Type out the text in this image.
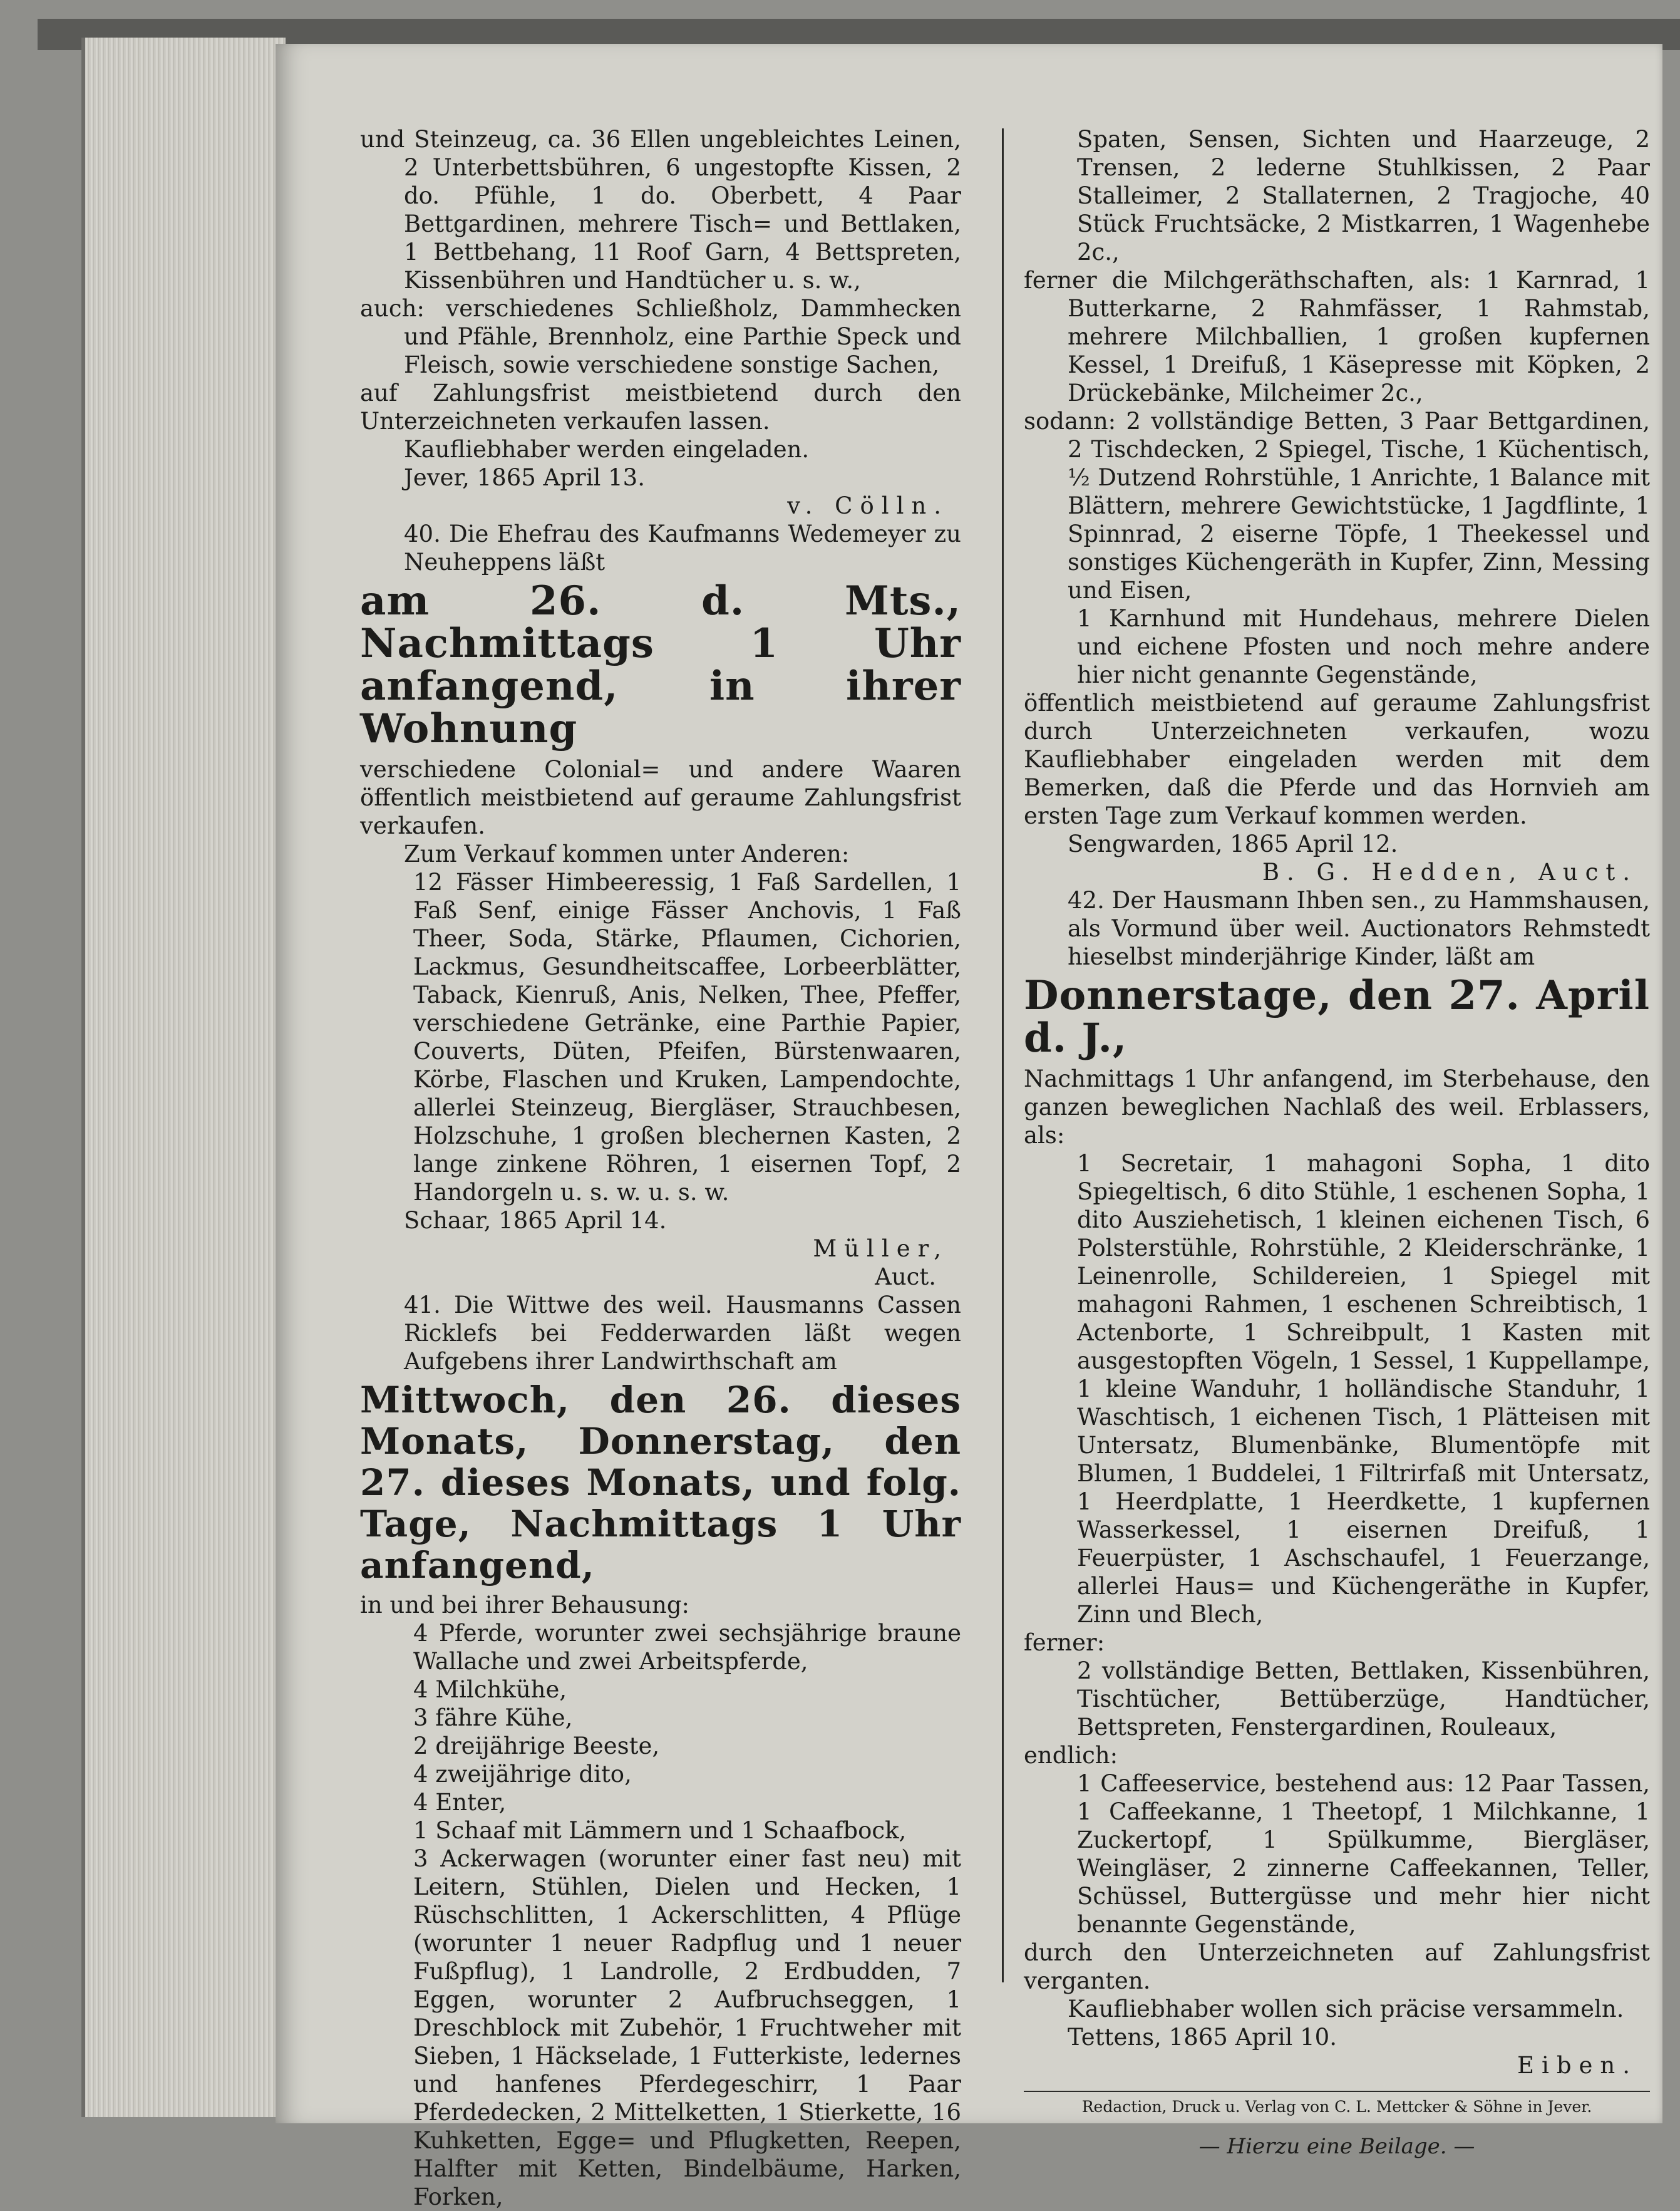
und Steinzeug, ca. 36 Ellen ungebleichtes Leinen, 2 Unterbettsbühren, 6 ungestopfte Kissen, 2 do. Pfühle, 1 do. Oberbett, 4 Paar Bettgardinen, mehrere Tisch= und Bettlaken, 1 Bettbehang, 11 Roof Garn, 4 Bettspreten, Kissenbühren und Handtücher u. s. w.,

auch: verschiedenes Schließholz, Dammhecken und Pfähle, Brennholz, eine Parthie Speck und Fleisch, sowie verschiedene sonstige Sachen,

auf Zahlungsfrist meistbietend durch den Unterzeichneten verkaufen lassen.

Kaufliebhaber werden eingeladen.

Jever, 1865 April 13.

v. Cölln.

40. Die Ehefrau des Kaufmanns Wedemeyer zu Neuheppens läßt

am 26. d. Mts., Nachmittags 1 Uhr anfangend, in ihrer Wohnung

verschiedene Colonial= und andere Waaren öffentlich meistbietend auf geraume Zahlungsfrist verkaufen.

Zum Verkauf kommen unter Anderen:

12 Fässer Himbeeressig, 1 Faß Sardellen, 1 Faß Senf, einige Fässer Anchovis, 1 Faß Theer, Soda, Stärke, Pflaumen, Cichorien, Lackmus, Gesundheitscaffee, Lorbeerblätter, Taback, Kienruß, Anis, Nelken, Thee, Pfeffer, verschiedene Getränke, eine Parthie Papier, Couverts, Düten, Pfeifen, Bürstenwaaren, Körbe, Flaschen und Kruken, Lampendochte, allerlei Steinzeug, Biergläser, Strauchbesen, Holzschuhe, 1 großen blechernen Kasten, 2 lange zinkene Röhren, 1 eisernen Topf, 2 Handorgeln u. s. w. u. s. w.

Schaar, 1865 April 14.

Müller,

Auct.

41. Die Wittwe des weil. Hausmanns Cassen Ricklefs bei Fedderwarden läßt wegen Aufgebens ihrer Landwirthschaft am

Mittwoch, den 26. dieses Monats, Donnerstag, den 27. dieses Monats, und folg. Tage, Nachmittags 1 Uhr anfangend,

in und bei ihrer Behausung:

4 Pferde, worunter zwei sechsjährige braune Wallache und zwei Arbeitspferde,

4 Milchkühe,

3 fähre Kühe,

2 dreijährige Beeste,

4 zweijährige dito,

4 Enter,

1 Schaaf mit Lämmern und 1 Schaafbock,

3 Ackerwagen (worunter einer fast neu) mit Leitern, Stühlen, Dielen und Hecken, 1 Rüschschlitten, 1 Ackerschlitten, 4 Pflüge (worunter 1 neuer Radpflug und 1 neuer Fußpflug), 1 Landrolle, 2 Erdbudden, 7 Eggen, worunter 2 Aufbruchseggen, 1 Dreschblock mit Zubehör, 1 Fruchtweher mit Sieben, 1 Häckselade, 1 Futterkiste, ledernes und hanfenes Pferdegeschirr, 1 Paar Pferdedecken, 2 Mittelketten, 1 Stierkette, 16 Kuhketten, Egge= und Pflugketten, Reepen, Halfter mit Ketten, Bindelbäume, Harken, Forken,

Spaten, Sensen, Sichten und Haarzeuge, 2 Trensen, 2 lederne Stuhlkissen, 2 Paar Stalleimer, 2 Stallaternen, 2 Tragjoche, 40 Stück Fruchtsäcke, 2 Mistkarren, 1 Wagenhebe 2c.,

ferner die Milchgeräthschaften, als: 1 Karnrad, 1 Butterkarne, 2 Rahmfässer, 1 Rahmstab, mehrere Milchballien, 1 großen kupfernen Kessel, 1 Dreifuß, 1 Käsepresse mit Köpken, 2 Drückebänke, Milcheimer 2c.,

sodann: 2 vollständige Betten, 3 Paar Bettgardinen, 2 Tischdecken, 2 Spiegel, Tische, 1 Küchentisch, ½ Dutzend Rohrstühle, 1 Anrichte, 1 Balance mit Blättern, mehrere Gewichtstücke, 1 Jagdflinte, 1 Spinnrad, 2 eiserne Töpfe, 1 Theekessel und sonstiges Küchengeräth in Kupfer, Zinn, Messing und Eisen,

1 Karnhund mit Hundehaus, mehrere Dielen und eichene Pfosten und noch mehre andere hier nicht genannte Gegenstände,

öffentlich meistbietend auf geraume Zahlungsfrist durch Unterzeichneten verkaufen, wozu Kaufliebhaber eingeladen werden mit dem Bemerken, daß die Pferde und das Hornvieh am ersten Tage zum Verkauf kommen werden.

Sengwarden, 1865 April 12.

B. G. Hedden, Auct.

42. Der Hausmann Ihben sen., zu Hammshausen, als Vormund über weil. Auctionators Rehmstedt hieselbst minderjährige Kinder, läßt am

Donnerstage, den 27. April d. J.,

Nachmittags 1 Uhr anfangend, im Sterbehause, den ganzen beweglichen Nachlaß des weil. Erblassers, als:

1 Secretair, 1 mahagoni Sopha, 1 dito Spiegeltisch, 6 dito Stühle, 1 eschenen Sopha, 1 dito Ausziehetisch, 1 kleinen eichenen Tisch, 6 Polsterstühle, Rohrstühle, 2 Kleiderschränke, 1 Leinenrolle, Schildereien, 1 Spiegel mit mahagoni Rahmen, 1 eschenen Schreibtisch, 1 Actenborte, 1 Schreibpult, 1 Kasten mit ausgestopften Vögeln, 1 Sessel, 1 Kuppellampe, 1 kleine Wanduhr, 1 holländische Standuhr, 1 Waschtisch, 1 eichenen Tisch, 1 Plätteisen mit Untersatz, Blumenbänke, Blumentöpfe mit Blumen, 1 Buddelei, 1 Filtrirfaß mit Untersatz, 1 Heerdplatte, 1 Heerdkette, 1 kupfernen Wasserkessel, 1 eisernen Dreifuß, 1 Feuerpüster, 1 Aschschaufel, 1 Feuerzange, allerlei Haus= und Küchengeräthe in Kupfer, Zinn und Blech,

ferner:

2 vollständige Betten, Bettlaken, Kissenbühren, Tischtücher, Bettüberzüge, Handtücher, Bettspreten, Fenstergardinen, Rouleaux,

endlich:

1 Caffeeservice, bestehend aus: 12 Paar Tassen, 1 Caffeekanne, 1 Theetopf, 1 Milchkanne, 1 Zuckertopf, 1 Spülkumme, Biergläser, Weingläser, 2 zinnerne Caffeekannen, Teller, Schüssel, Buttergüsse und mehr hier nicht benannte Gegenstände,

durch den Unterzeichneten auf Zahlungsfrist verganten.

Kaufliebhaber wollen sich präcise versammeln.

Tettens, 1865 April 10.

Eiben.

Redaction, Druck u. Verlag von C. L. Mettcker & Söhne in Jever.

— Hierzu eine Beilage. —
